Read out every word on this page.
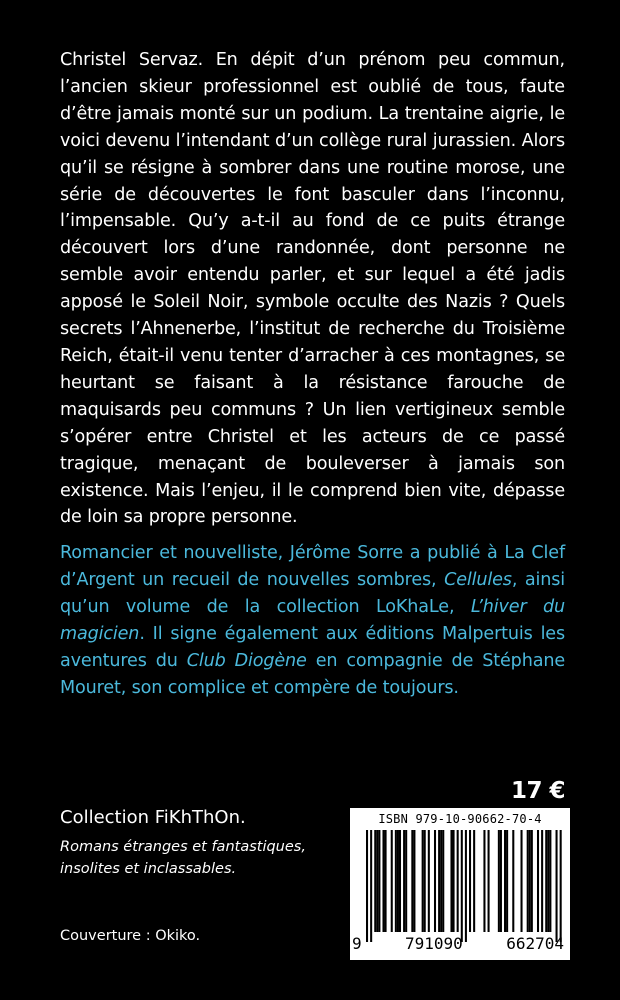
Christel Servaz. En dépit d’un prénom peu commun, l’ancien skieur professionnel est oublié de tous, faute d’être jamais monté sur un podium. La trentaine aigrie, le voici devenu l’intendant d’un collège rural jurassien. Alors qu’il se résigne à sombrer dans une routine morose, une série de découvertes le font basculer dans l’inconnu, l’impensable. Qu’y a-t-il au fond de ce puits étrange découvert lors d’une randonnée, dont personne ne semble avoir entendu parler, et sur lequel a été jadis apposé le Soleil Noir, symbole occulte des Nazis ? Quels secrets l’Ahnenerbe, l’institut de recherche du Troisième Reich, était-il venu tenter d’arracher à ces montagnes, se heurtant se faisant à la résistance farouche de maquisards peu communs ? Un lien vertigineux semble s’opérer entre Christel et les acteurs de ce passé tragique, menaçant de bouleverser à jamais son existence. Mais l’enjeu, il le comprend bien vite, dépasse de loin sa propre personne.

Romancier et nouvelliste, Jérôme Sorre a publié à La Clef d’Argent un recueil de nouvelles sombres, Cellules, ainsi qu’un volume de la collection LoKhaLe, L’hiver du magicien. Il signe également aux éditions Malpertuis les aventures du Club Diogène en compagnie de Stéphane Mouret, son complice et compère de toujours.

17 €
Collection FiKhThOn.
Romans étranges et fantastiques, insolites et inclassables.
Couverture : Okiko.
ISBN 979-10-90662-70-4
9	791090	662704
